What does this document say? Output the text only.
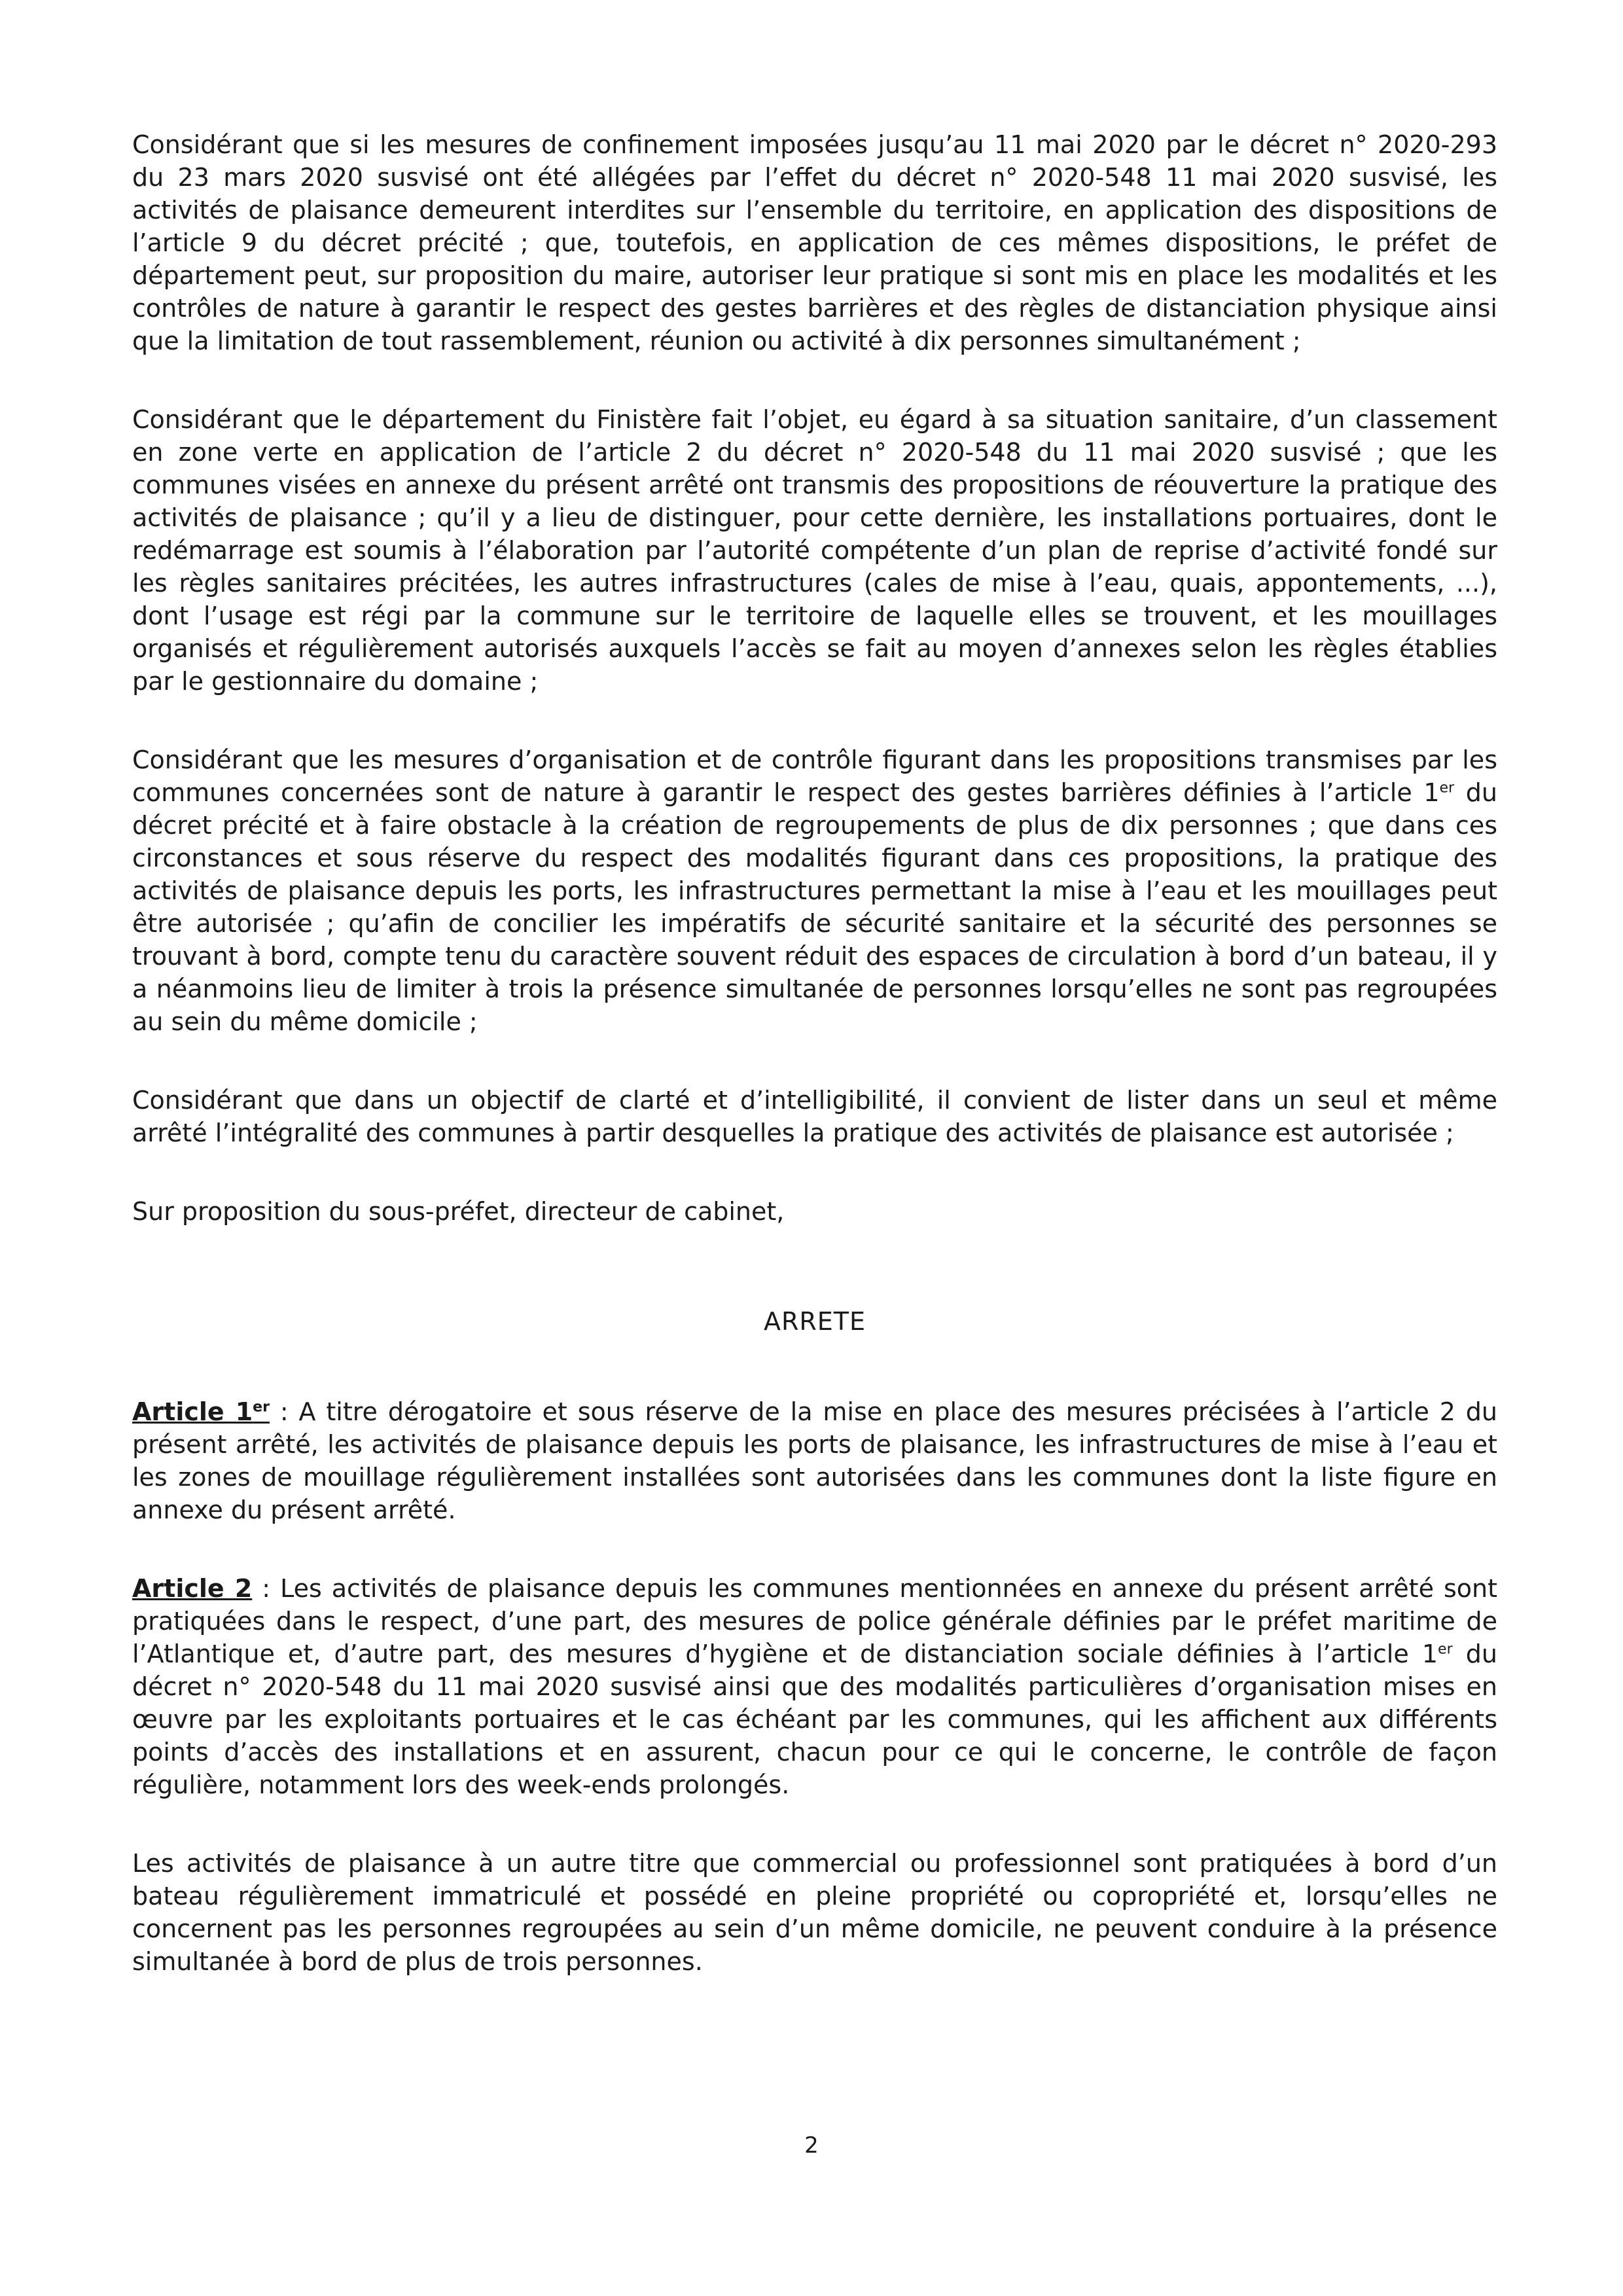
Considérant que si les mesures de confinement imposées jusqu’au 11 mai 2020 par le décret n° 2020-293 du 23 mars 2020 susvisé ont été allégées par l’effet du décret n° 2020-548 11 mai 2020 susvisé, les activités de plaisance demeurent interdites sur l’ensemble du territoire, en application des dispositions de l’article 9 du décret précité ; que, toutefois, en application de ces mêmes dispositions, le préfet de département peut, sur proposition du maire, autoriser leur pratique si sont mis en place les modalités et les contrôles de nature à garantir le respect des gestes barrières et des règles de distanciation physique ainsi que la limitation de tout rassemblement, réunion ou activité à dix personnes simultanément ;

Considérant que le département du Finistère fait l’objet, eu égard à sa situation sanitaire, d’un classement en zone verte en application de l’article 2 du décret n° 2020-548 du 11 mai 2020 susvisé ; que les communes visées en annexe du présent arrêté ont transmis des propositions de réouverture la pratique des activités de plaisance ; qu’il y a lieu de distinguer, pour cette dernière, les installations portuaires, dont le redémarrage est soumis à l’élaboration par l’autorité compétente d’un plan de reprise d’activité fondé sur les règles sanitaires précitées, les autres infrastructures (cales de mise à l’eau, quais, appontements, ...), dont l’usage est régi par la commune sur le territoire de laquelle elles se trouvent, et les mouillages organisés et régulièrement autorisés auxquels l’accès se fait au moyen d’annexes selon les règles établies par le gestionnaire du domaine ;

Considérant que les mesures d’organisation et de contrôle figurant dans les propositions transmises par les communes concernées sont de nature à garantir le respect des gestes barrières définies à l’article 1er du décret précité et à faire obstacle à la création de regroupements de plus de dix personnes ; que dans ces circonstances et sous réserve du respect des modalités figurant dans ces propositions, la pratique des activités de plaisance depuis les ports, les infrastructures permettant la mise à l’eau et les mouillages peut être autorisée ; qu’afin de concilier les impératifs de sécurité sanitaire et la sécurité des personnes se trouvant à bord, compte tenu du caractère souvent réduit des espaces de circulation à bord d’un bateau, il y a néanmoins lieu de limiter à trois la présence simultanée de personnes lorsqu’elles ne sont pas regroupées au sein du même domicile ;

Considérant que dans un objectif de clarté et d’intelligibilité, il convient de lister dans un seul et même arrêté l’intégralité des communes à partir desquelles la pratique des activités de plaisance est autorisée ;

Sur proposition du sous-préfet, directeur de cabinet,

ARRETE

Article 1er : A titre dérogatoire et sous réserve de la mise en place des mesures précisées à l’article 2 du présent arrêté, les activités de plaisance depuis les ports de plaisance, les infrastructures de mise à l’eau et les zones de mouillage régulièrement installées sont autorisées dans les communes dont la liste figure en annexe du présent arrêté.

Article 2 : Les activités de plaisance depuis les communes mentionnées en annexe du présent arrêté sont pratiquées dans le respect, d’une part, des mesures de police générale définies par le préfet maritime de l’Atlantique et, d’autre part, des mesures d’hygiène et de distanciation sociale définies à l’article 1er du décret n° 2020-548 du 11 mai 2020 susvisé ainsi que des modalités particulières d’organisation mises en œuvre par les exploitants portuaires et le cas échéant par les communes, qui les affichent aux différents points d’accès des installations et en assurent, chacun pour ce qui le concerne, le contrôle de façon régulière, notamment lors des week-ends prolongés.

Les activités de plaisance à un autre titre que commercial ou professionnel sont pratiquées à bord d’un bateau régulièrement immatriculé et possédé en pleine propriété ou copropriété et, lorsqu’elles ne concernent pas les personnes regroupées au sein d’un même domicile, ne peuvent conduire à la présence simultanée à bord de plus de trois personnes.

2
